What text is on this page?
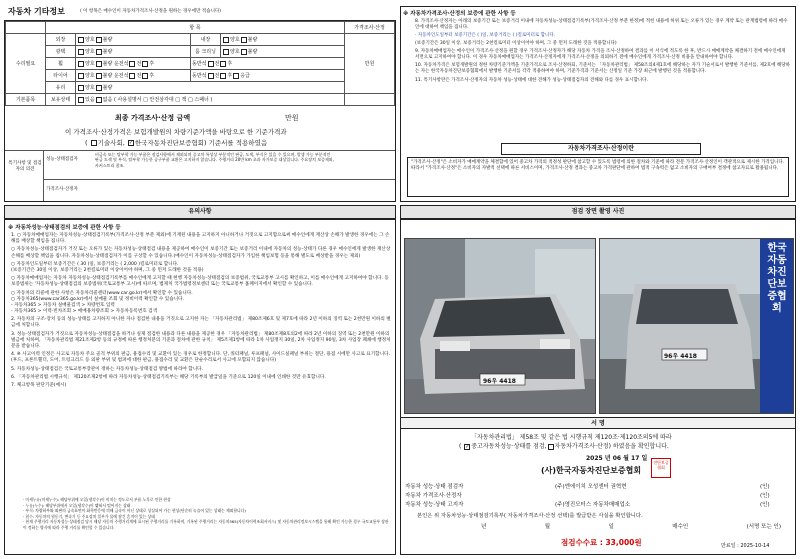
자동차 기타정보	( 이 항목은 매수인이 자동차가격조사·산정을 원하는 경우에만 적습니다)
	항 목				가격조사·산정
수리필요	외장	양호 불량	내장	양호 불량	만원
	광택	양호 불량	룸 크리닝	양호 불량	
	휠	양호 불량 운전석 전 후	동반석 전 후		
	타이어	양호 불량 운전석 전 후	동반석 전 후 응급		
	유리	양호 불량			
기본품목	보유상태	있음 없음 ( 사용설명서 □ 안전삼각대 □ 잭 □ 스패너 )			
최종 가격조사·산정 금액	만원
이 가격조사·산정가격은 보험개발원의 차량기준가액을 바탕으로 한 기준가격과
( 기술사회, ✓ 한국자동차진단보증협회) 기준서를 적용하였음
특기사항 및 점검자의 의견
성능·상태점검자
비금속 또는 탈부착 가능 부품은 점검사항에서 제외되며 증고차 특성상 부분적인 판금, 도색, 부식은 있을 수 있으며, 발생 가능 부분적인 판금 도색 및 부식, 탈부착 가능한 공구부품 교환은 고지하지 않습니다. 주행거리 20만 km 초과 자가보증 대상입니다. 주요장치 보증제외, 카커스트리 참조.
가격조사·산정자
※ 자동차가격조사·산정의 보증에 관한 사항 등
8. 가격조사·산정자는 아래의 보증기간 또는 보증거리 이내에 자동차성능·상태점검기록부(가격조사·산정 부분 한정)에 적힌 내용에 허위 또는 오류가 있는 경우 계약 또는 관계법령에 따라 매수인에 대하여 책임을 집니다.
· 자동차인도일부터 보증기간은 ( )일, 보증거리는 ( )킬로미터로 합니다.
(보증기간은 30일 이상, 보증거리는 2천킬로미터 이상이어야 하며, 그 중 먼저 도래한 것을 적용합니다)
9. 자동차매매업자는 매수인이 가격조사·산정을 원할 경우 가격조사·산정자가 해당 자동차 가격을 조사·산정하여 결과를 이 서식에 적도록 한 후, 반드시 매매계약을 체결하기 전에 매수인에게 서면으로 고지하여야 합니다. 이 경우 자동차매매업자는 가격조사·산정자에게 가격조사·산정을 의뢰하기 전에 매수인에게 가격조사·산정 비용을 안내하여야 합니다.
10. 자동차가격은 보험개발원의 정한 차량기준가액을 기준가격으로 조사·산정하되, 기준서는 「자동차관리법」 제58조의4제1호에 해당하는 자가 기술서로서 발행한 기준서를, 제2호에 해당하는 자는 한국자동차진단보증협회에서 발행한 기준서를 각각 적용하여야 하며, 기준가격과 기준서는 산정일 기준 가장 최근에 발행된 것을 적용합니다.
11. 특기사항란은 가격조사·산정자의 자동차 성능·상태에 대한 견해가 성능·상태점검자의 견해와 다를 경우 표시합니다.
자동차가격조사·산정이란
"가격조사·산정"은 소비자가 매매계약을 체결함에 있어 중고차 가격의 적정성 판단에 참고할 수 있도록 법령에 의한 절차와 기준에 따라 전문 가격조사·산정인이 객관적으로 제시한 가격입니다. 따라서 "가격조사·산정"은 소비자의 자발적 선택에 따른 서비스이며, 가격조사·산정 결과는 중고차 가격판단에 관하여 법적 구속력은 없고 소비자의 구매여부 결정에 참고자료로 활용됩니다.
유의사항
※ 자동차성능·상태점검의 보증에 관한 사항 등
1. ○ 자동차매매업자는 자동차성능·상태점검기록부(가격조사·산정 부분 제외)에 기재된 내용을 고지하지 아니하거나 거짓으로 고지함으로써 매수인에게 재산상 손해가 발생한 경우에는 그 손해를 배상할 책임을 집니다.
○ 자동차성능·상태점검자가 거짓 또는 오류가 있는 자동차성능·상태점검 내용을 제공하여 매수인이 보증기간 또는 보증거리 이내에 자동차의 성능·상태가 다른 경우 매수인에게 발생한 재산상 손해를 배상할 책임을 집니다. 자동차성능·상태점검자가 이를 구상할 수 있습니다.(매수인이 자동차성능·상태점검자가 가입한 책임보험 등을 통해 별도로 배상받을 경우는 제외)
○ 자동차인도일부터 보증기간은 ( 30 )일, 보증거리는 ( 2,000 )킬로미터로 합니다.
(보증기간은 30일 이상, 보증거리는 2천킬로미터 이상이어야 하며, 그 중 먼저 도래한 것을 적용)
○ 자동차매매업자는 자동차 자동차성능·상태점검기록부를 매수인에게 고지할 때 현행 자동차성능·상태점검의 보증범위, 국토교통부 고시를 확인하고, 이를 매수인에게 고지하여야 합니다. 등 보증범위는 '자동차성능·상태점검의 보증범위(국토교통부 고시)에 따르며, 법제처 국가법령정보센터 또는 국토교통부 홈페이지에서 확인할 수 있습니다.
○ 자동차의 리콜에 관한 사항은 자동차리콜센터(www.car.go.kr)에서 확인할 수 있습니다.
○ 자동차365(www.car365.go.kr)에서 실매물 조회 및 정비이력 확인할 수 있습니다.
- 자동차365 > 자동차 실매물검색 > 차량번호 입력
- 자동차365 > 이력·빈차조회 > 매매용차량조회 > 자동차등록번호 검색
2. 자동차의 구조·장치 등의 성능·상태를 고지하지 아니한 자나 점검한 내용을 거짓으로 고지한 자는 「자동차관리법」 제80조제6호 및 제7호에 따라 2년 이하의 징역 또는 2천만원 이하의 벌금에 처합니다.
3. 성능·상태점검자가 거짓으로 자동차성능·상태점검을 하거나 실제 점검한 내용과 다른 내용을 제공한 경우 「자동차관리법」 제80조제8호의2에 따라 2년 이하의 징역 또는 2천만원 이하의 벌금에 처하며, 「자동차관리법 제21조제2항 등의 규정에 따른 행정처분의 기준과 절차에 관한 규칙」 제5조제1항에 따라 1차 사업정지 30일, 2차 사업정지 90일, 3차 사업장 폐쇄에 행정처분을 받습니다.
4. ※ 사고이력 인정은 사고로 자동차 주요 골격 부위의 판금, 용접수리 및 교환이 있는 경우로 한정합니다. 단, 쿼터패널, 루프패널, 사이드실패널 부위는 절단, 용접 시에만 사고로 표기합니다.
(후드, 프론트휀더, 도어, 트렁크리드 등 외판 부위 및 범퍼에 대한 판금, 용접수리 및 교환은 단순수리로서 사고에 포함되지 않습니다)
5. 자동차성능·상태점검은 국토교통부장관이 정하는 자동차성능·상태점검 방법에 따라야 합니다.
6. 「자동차관리법 시행규칙」 제120조제2항에 따라 자동차성능·상태점검기록부는 해당 기록부의 발급일을 기준으로 120일 이내에 인쇄한 것만 유효합니다.
7. 체크항목 판단기준(예시)
· 미세누유(미세누수): 해당부위에 오일(냉각수)이 비치는 정도로서 부품 노후로 인한 현상
· 누유(누수): 해당부위에서 오일(냉각수)이 맺혀서 떨어지는 상태
· 부식: 차량하부와 외판의 금속표면이 화학반응에 의해 금속이 아닌 상태로 상실되어 가는 현상(단순히 녹슬어 있는 상태는 제외합니다)
· 침수: 자동차의 원동기, 변속기 등 주요장치 일부가 물에 잠긴 흔적이 있는 상태
· 현재 주행거리 자동차성능·상태점검 당시 해당 자동차 주행거리계에 표시된 주행거리를 기록하며, 기록된 주행거리는 자동차365(자동차이력조회서비스) 및 자동차관리정보시스템을 통해 확인 가능한 경우 국토교통부 장관이 정하는 방식에 따라 주행 거리를 확인할 수 있습니다.
점검 장면 촬영 사진
96우 4418
96우 4418
한국자동차진단보증협회
서 명
「자동차관리법」 제58조 및 같은 법 시행규칙 제120조·제120조의5에 따라
( ✓ 중고자동차성능·상태를 점검, 자동차가격조사·산정) 하였음을 확인합니다.
2025 년 06 월 17 일
(사)한국자동차진단보증협회
진단보증협회
자동차 성능·상태 점검자	(주)엔에이치 오성센터 권혁현	(인)
자동차 가격조사·산정자	(인)
자동차 성능·상태 고지자	(주)영진모터스 자동차매매업소	(인)
본인은 위 자동차성능·상태점검기록부( 자동차가격조사·산정 선택)를 발급받은 사실을 확인합니다.
년	월	일	매수인	(서명 또는 인)
점검수수료 : 33,000원	만료일 : 2025-10-14
